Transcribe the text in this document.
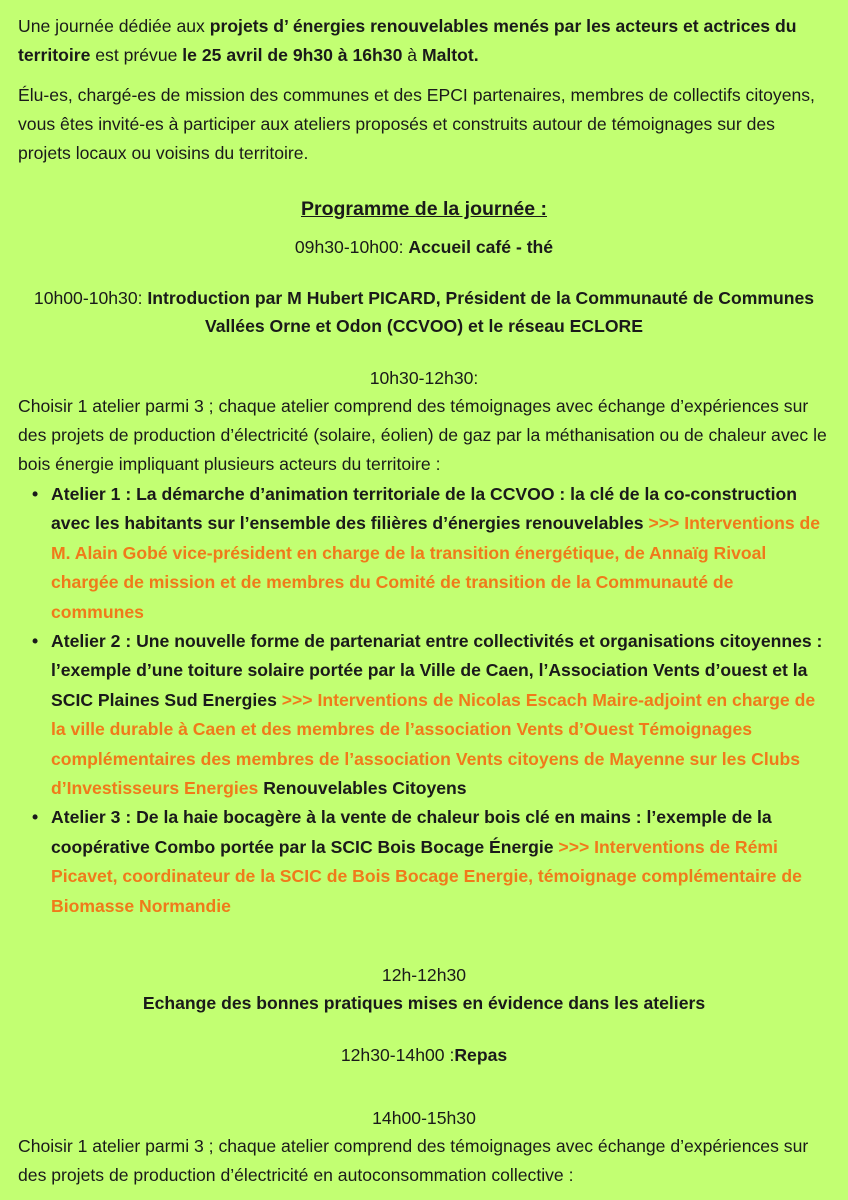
Une journée dédiée aux projets d’ énergies renouvelables menés par les acteurs et actrices du territoire est prévue le 25 avril de 9h30 à 16h30 à Maltot.

Élu-es, chargé-es de mission des communes et des EPCI partenaires, membres de collectifs citoyens, vous êtes invité-es à participer aux ateliers proposés et construits autour de témoignages sur des projets locaux ou voisins du territoire.

Programme de la journée :

09h30-10h00: Accueil café - thé

10h00-10h30: Introduction par M Hubert PICARD, Président de la Communauté de Communes Vallées Orne et Odon (CCVOO) et le réseau ECLORE

10h30-12h30:

Choisir 1 atelier parmi 3 ; chaque atelier comprend des témoignages avec échange d’expériences sur des projets de production d’électricité (solaire, éolien) de gaz par la méthanisation ou de chaleur avec le bois énergie impliquant plusieurs acteurs du territoire :

• Atelier 1 : La démarche d’animation territoriale de la CCVOO : la clé de la co-construction avec les habitants sur l’ensemble des filières d’énergies renouvelables >>> Interventions de M. Alain Gobé vice-président en charge de la transition énergétique, de Annaïg Rivoal chargée de mission et de membres du Comité de transition de la Communauté de communes
• Atelier 2 : Une nouvelle forme de partenariat entre collectivités et organisations citoyennes : l’exemple d’une toiture solaire portée par la Ville de Caen, l’Association Vents d’ouest et la SCIC Plaines Sud Energies >>> Interventions de Nicolas Escach Maire-adjoint en charge de la ville durable à Caen et des membres de l’association Vents d’Ouest Témoignages complémentaires des membres de l’association Vents citoyens de Mayenne sur les Clubs d’Investisseurs Energies Renouvelables Citoyens
• Atelier 3 : De la haie bocagère à la vente de chaleur bois clé en mains : l’exemple de la coopérative Combo portée par la SCIC Bois Bocage Énergie >>> Interventions de Rémi Picavet, coordinateur de la SCIC de Bois Bocage Energie, témoignage complémentaire de Biomasse Normandie

12h-12h30

Echange des bonnes pratiques mises en évidence dans les ateliers

12h30-14h00 :Repas

14h00-15h30

Choisir 1 atelier parmi 3 ; chaque atelier comprend des témoignages avec échange d’expériences sur des projets de production d’électricité en autoconsommation collective :
